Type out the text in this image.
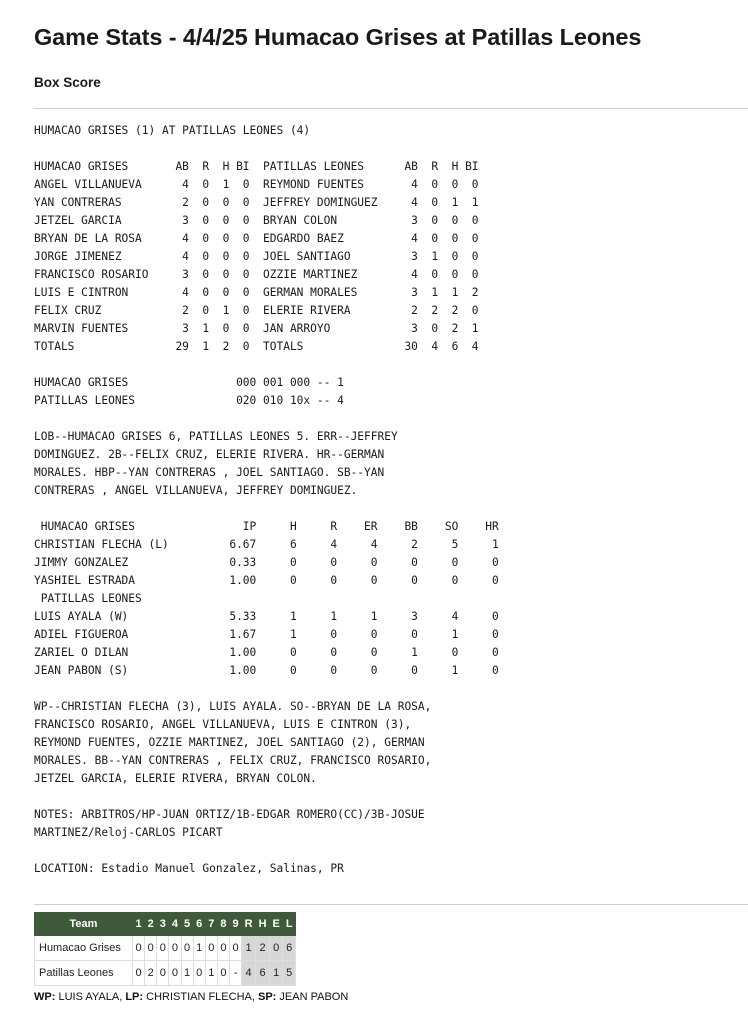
Game Stats - 4/4/25 Humacao Grises at Patillas Leones
Box Score
HUMACAO GRISES (1) AT PATILLAS LEONES (4)

HUMACAO GRISES       AB  R  H BI  PATILLAS LEONES      AB  R  H BI
ANGEL VILLANUEVA      4  0  1  0  REYMOND FUENTES       4  0  0  0
YAN CONTRERAS         2  0  0  0  JEFFREY DOMINGUEZ     4  0  1  1
JETZEL GARCIA         3  0  0  0  BRYAN COLON           3  0  0  0
BRYAN DE LA ROSA      4  0  0  0  EDGARDO BAEZ          4  0  0  0
JORGE JIMENEZ         4  0  0  0  JOEL SANTIAGO         3  1  0  0
FRANCISCO ROSARIO     3  0  0  0  OZZIE MARTINEZ        4  0  0  0
LUIS E CINTRON        4  0  0  0  GERMAN MORALES        3  1  1  2
FELIX CRUZ            2  0  1  0  ELERIE RIVERA         2  2  2  0
MARVIN FUENTES        3  1  0  0  JAN ARROYO            3  0  2  1
TOTALS               29  1  2  0  TOTALS               30  4  6  4

HUMACAO GRISES                000 001 000 -- 1
PATILLAS LEONES               020 010 10x -- 4

LOB--HUMACAO GRISES 6, PATILLAS LEONES 5. ERR--JEFFREY
DOMINGUEZ. 2B--FELIX CRUZ, ELERIE RIVERA. HR--GERMAN
MORALES. HBP--YAN CONTRERAS , JOEL SANTIAGO. SB--YAN
CONTRERAS , ANGEL VILLANUEVA, JEFFREY DOMINGUEZ.

HUMACAO GRISES                IP     H     R    ER    BB    SO    HR
CHRISTIAN FLECHA (L)         6.67     6     4     4     2     5     1
JIMMY GONZALEZ               0.33     0     0     0     0     0     0
YASHIEL ESTRADA              1.00     0     0     0     0     0     0
PATILLAS LEONES
LUIS AYALA (W)               5.33     1     1     1     3     4     0
ADIEL FIGUEROA               1.67     1     0     0     0     1     0
ZARIEL O DILAN               1.00     0     0     0     1     0     0
JEAN PABON (S)               1.00     0     0     0     0     1     0

WP--CHRISTIAN FLECHA (3), LUIS AYALA. SO--BRYAN DE LA ROSA,
FRANCISCO ROSARIO, ANGEL VILLANUEVA, LUIS E CINTRON (3),
REYMOND FUENTES, OZZIE MARTINEZ, JOEL SANTIAGO (2), GERMAN
MORALES. BB--YAN CONTRERAS , FELIX CRUZ, FRANCISCO ROSARIO,
JETZEL GARCIA, ELERIE RIVERA, BRYAN COLON.

NOTES: ARBITROS/HP-JUAN ORTIZ/1B-EDGAR ROMERO(CC)/3B-JOSUE
MARTINEZ/Reloj-CARLOS PICART

LOCATION: Estadio Manuel Gonzalez, Salinas, PR
Team	1	2	3	4	5	6	7	8	9	R	H	E	L
Humacao Grises	0	0	0	0	0	1	0	0	0	1	2	0	6
Patillas Leones	0	2	0	0	1	0	1	0	-	4	6	1	5

WP: LUIS AYALA, LP: CHRISTIAN FLECHA, SP: JEAN PABON
